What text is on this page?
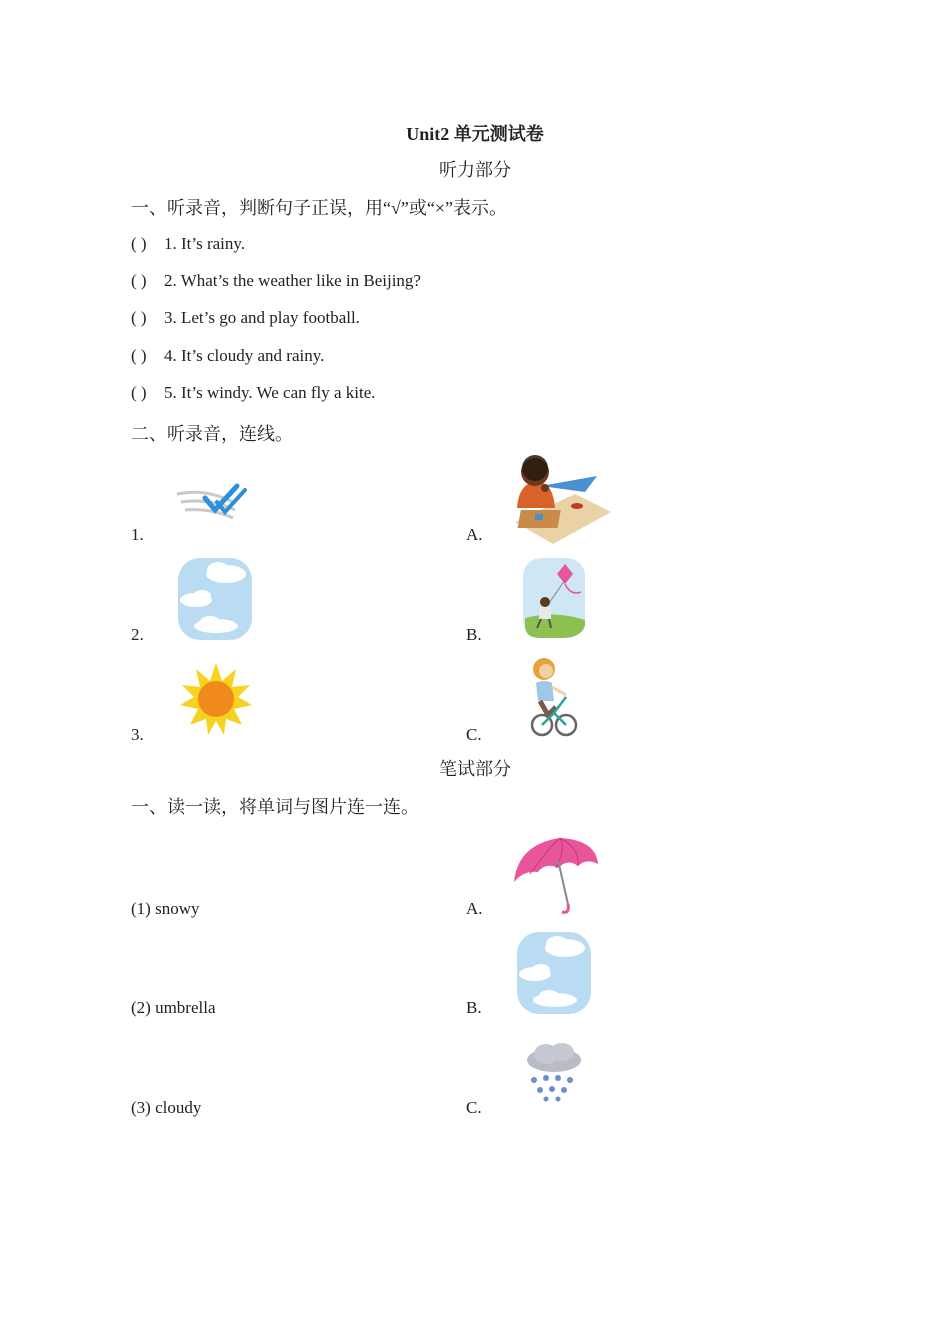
Unit2 单元测试卷
听力部分
一、听录音，判断句子正误，用“√”或“×”表示。
( ) 1. It’s rainy.
( ) 2. What’s the weather like in Beijing?
( ) 3. Let’s go and play football.
( ) 4. It’s cloudy and rainy.
( ) 5. It’s windy. We can fly a kite.
二、听录音，连线。
1.	A.
2.	B.
3.	C.
笔试部分
一、读一读，将单词与图片连一连。
(1) snowy	A.
(2) umbrella	B.
(3) cloudy	C.
